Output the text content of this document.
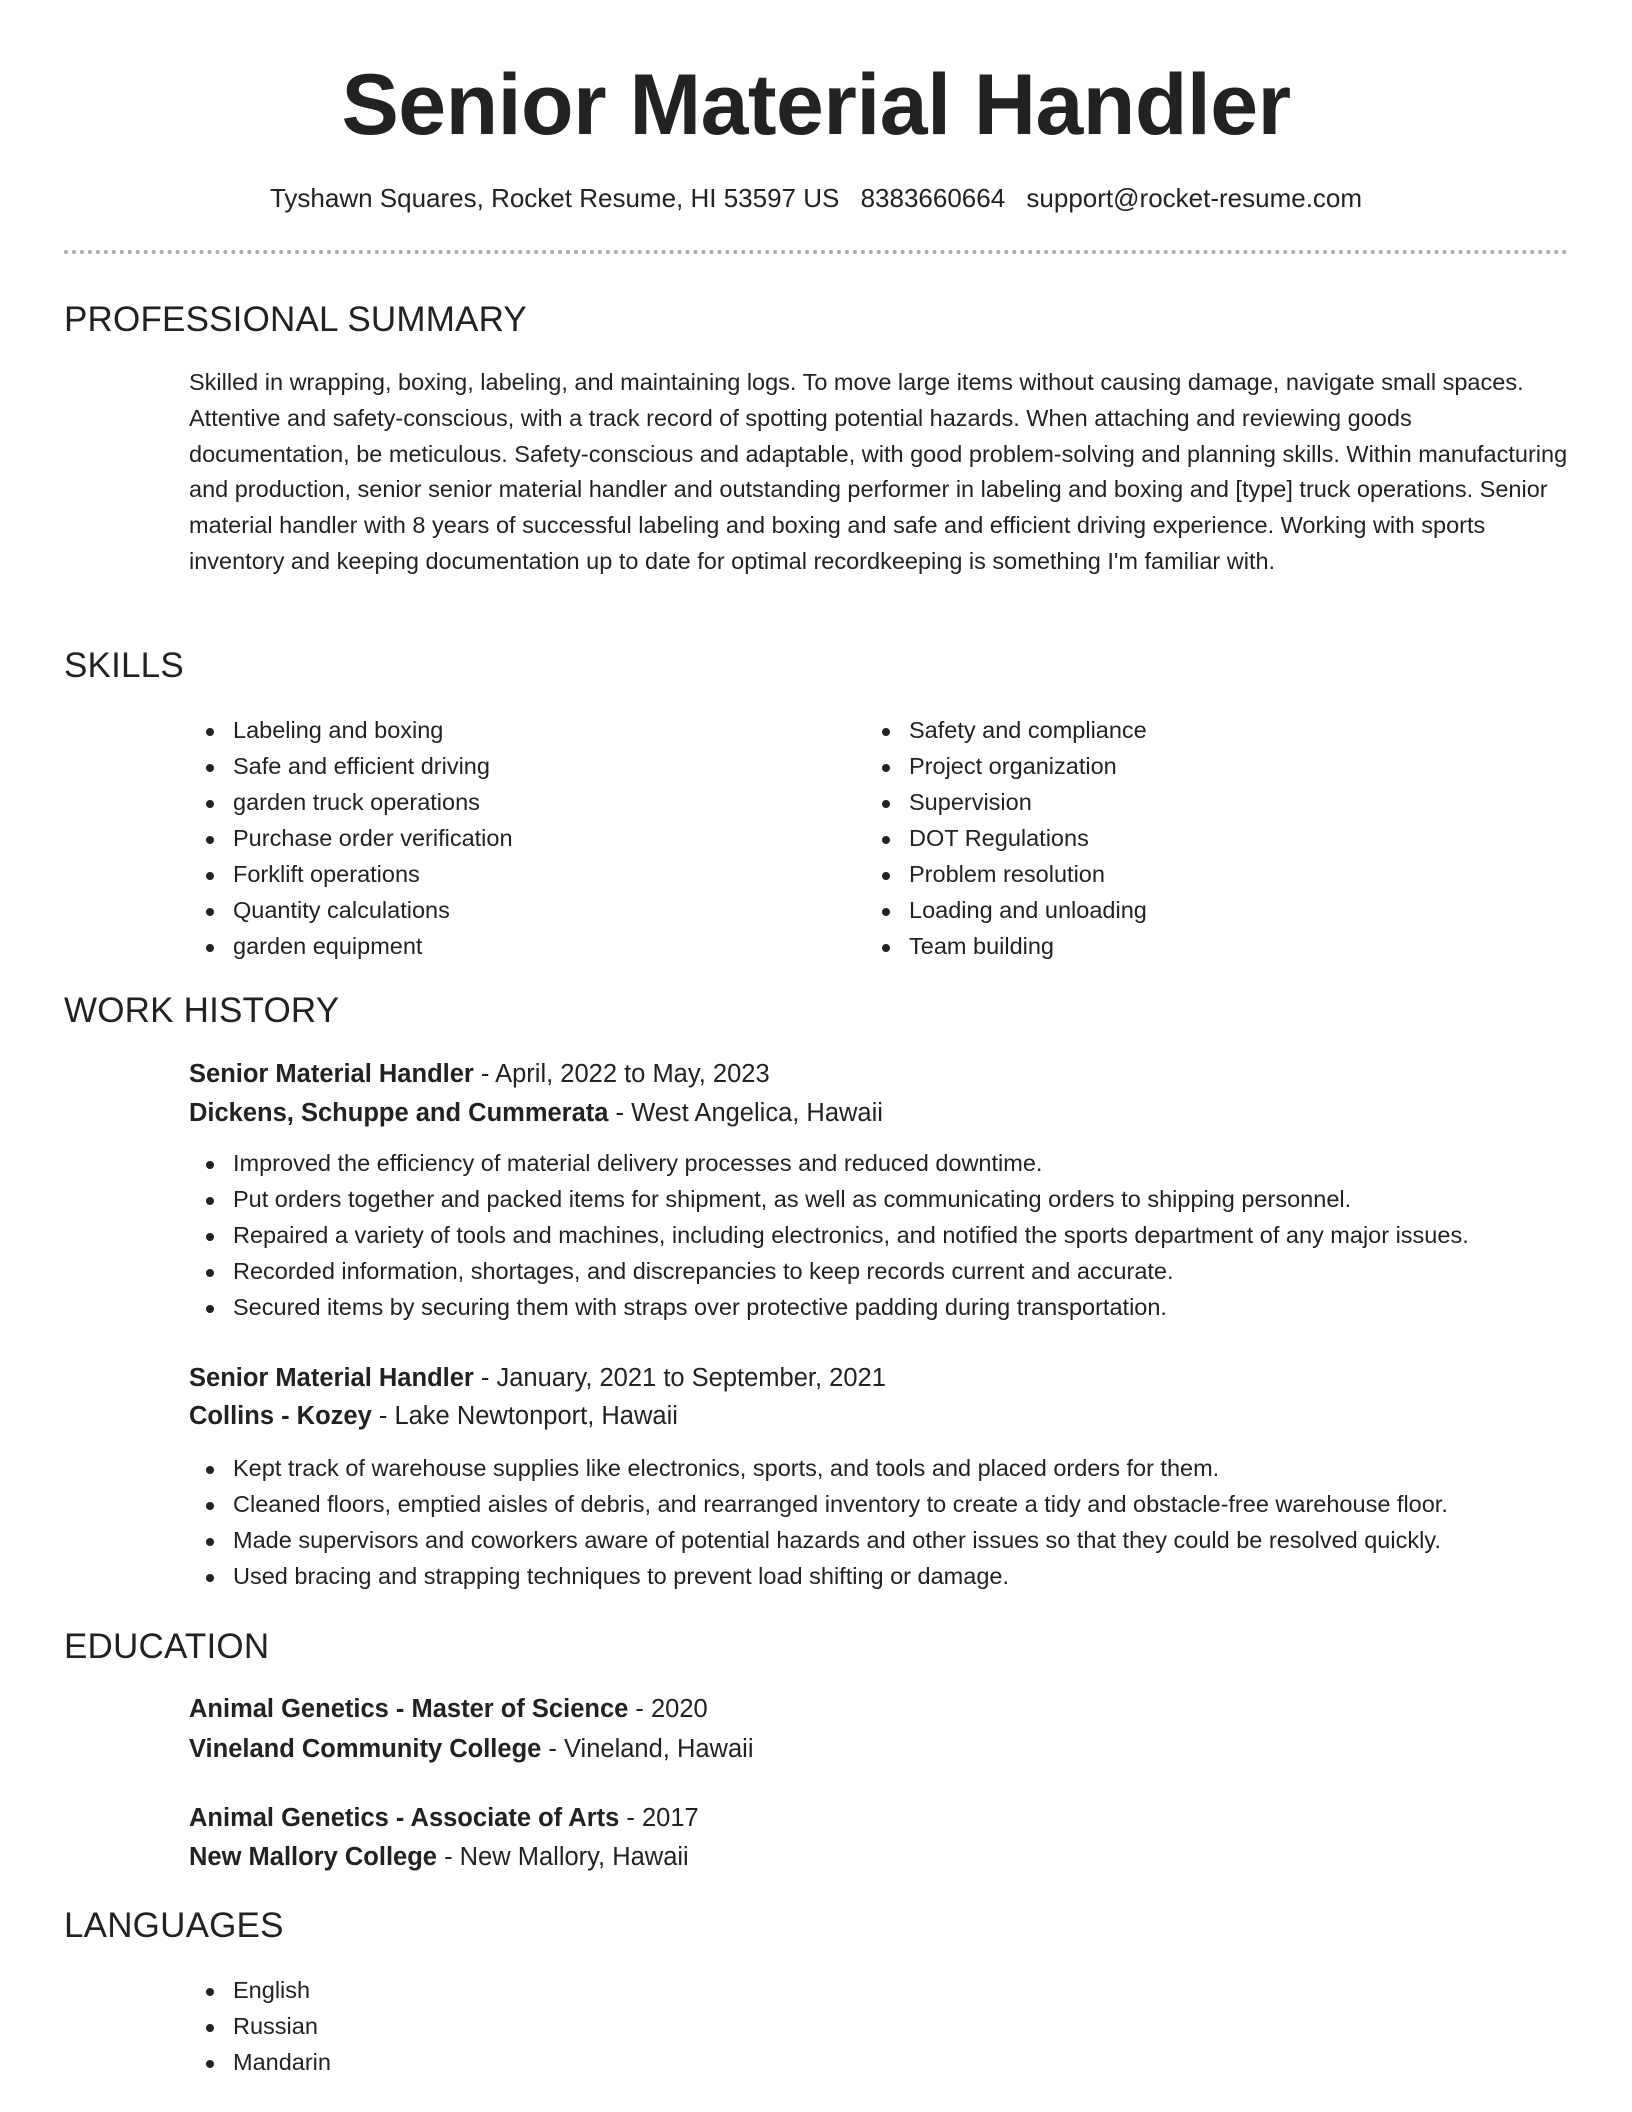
Senior Material Handler
Tyshawn Squares, Rocket Resume, HI 53597 US 8383660664 support@rocket-resume.com
PROFESSIONAL SUMMARY

Skilled in wrapping, boxing, labeling, and maintaining logs. To move large items without causing damage, navigate small spaces. Attentive and safety-conscious, with a track record of spotting potential hazards. When attaching and reviewing goods documentation, be meticulous. Safety-conscious and adaptable, with good problem-solving and planning skills. Within manufacturing and production, senior senior material handler and outstanding performer in labeling and boxing and [type] truck operations. Senior material handler with 8 years of successful labeling and boxing and safe and efficient driving experience. Working with sports inventory and keeping documentation up to date for optimal recordkeeping is something I'm familiar with.

SKILLS
Labeling and boxing
Safe and efficient driving
garden truck operations
Purchase order verification
Forklift operations
Quantity calculations
garden equipment
Safety and compliance
Project organization
Supervision
DOT Regulations
Problem resolution
Loading and unloading
Team building
WORK HISTORY
Senior Material Handler - April, 2022 to May, 2023
Dickens, Schuppe and Cummerata - West Angelica, Hawaii
Improved the efficiency of material delivery processes and reduced downtime.
Put orders together and packed items for shipment, as well as communicating orders to shipping personnel.
Repaired a variety of tools and machines, including electronics, and notified the sports department of any major issues.
Recorded information, shortages, and discrepancies to keep records current and accurate.
Secured items by securing them with straps over protective padding during transportation.
Senior Material Handler - January, 2021 to September, 2021
Collins - Kozey - Lake Newtonport, Hawaii
Kept track of warehouse supplies like electronics, sports, and tools and placed orders for them.
Cleaned floors, emptied aisles of debris, and rearranged inventory to create a tidy and obstacle-free warehouse floor.
Made supervisors and coworkers aware of potential hazards and other issues so that they could be resolved quickly.
Used bracing and strapping techniques to prevent load shifting or damage.
EDUCATION
Animal Genetics - Master of Science - 2020
Vineland Community College - Vineland, Hawaii
Animal Genetics - Associate of Arts - 2017
New Mallory College - New Mallory, Hawaii
LANGUAGES
English
Russian
Mandarin
